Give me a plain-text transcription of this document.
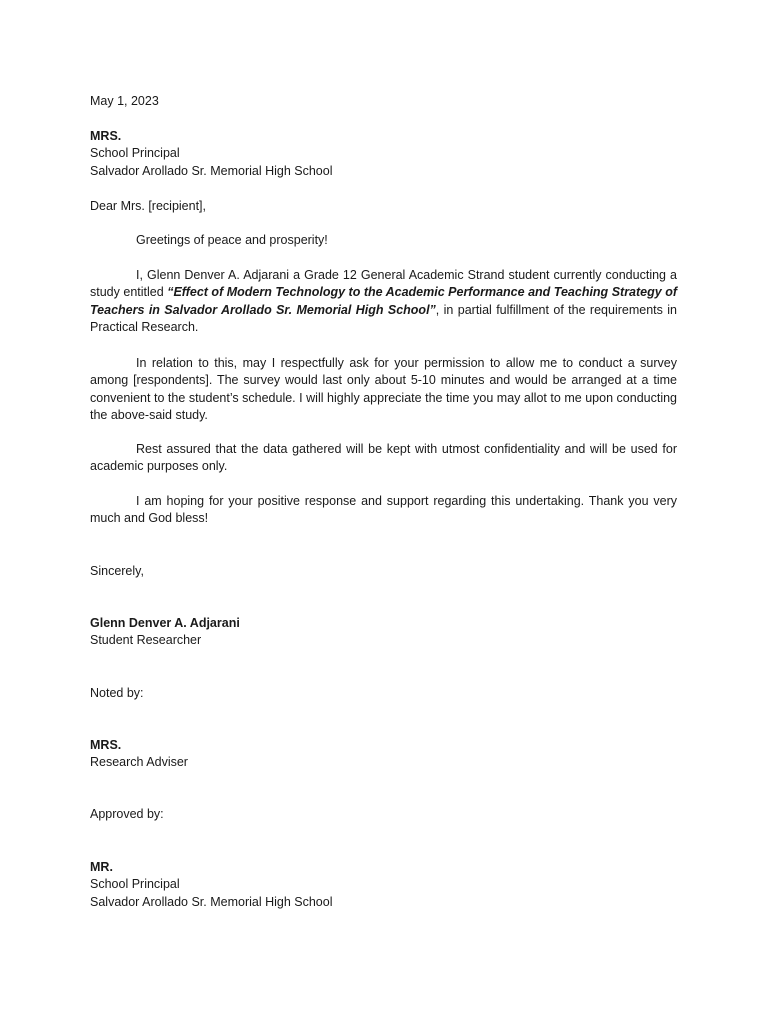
May 1, 2023

MRS.

School Principal

Salvador Arollado Sr. Memorial High School

Dear Mrs. [recipient],

Greetings of peace and prosperity!

I, Glenn Denver A. Adjarani a Grade 12 General Academic Strand student currently conducting a study entitled “Effect of Modern Technology to the Academic Performance and Teaching Strategy of Teachers in Salvador Arollado Sr. Memorial High School”, in partial fulfillment of the requirements in Practical Research.

In relation to this, may I respectfully ask for your permission to allow me to conduct a survey among [respondents]. The survey would last only about 5-10 minutes and would be arranged at a time convenient to the student’s schedule. I will highly appreciate the time you may allot to me upon conducting the above-said study.

Rest assured that the data gathered will be kept with utmost confidentiality and will be used for academic purposes only.

I am hoping for your positive response and support regarding this undertaking. Thank you very much and God bless!

Sincerely,

Glenn Denver A. Adjarani

Student Researcher

Noted by:

MRS.

Research Adviser

Approved by:

MR.

School Principal

Salvador Arollado Sr. Memorial High School
